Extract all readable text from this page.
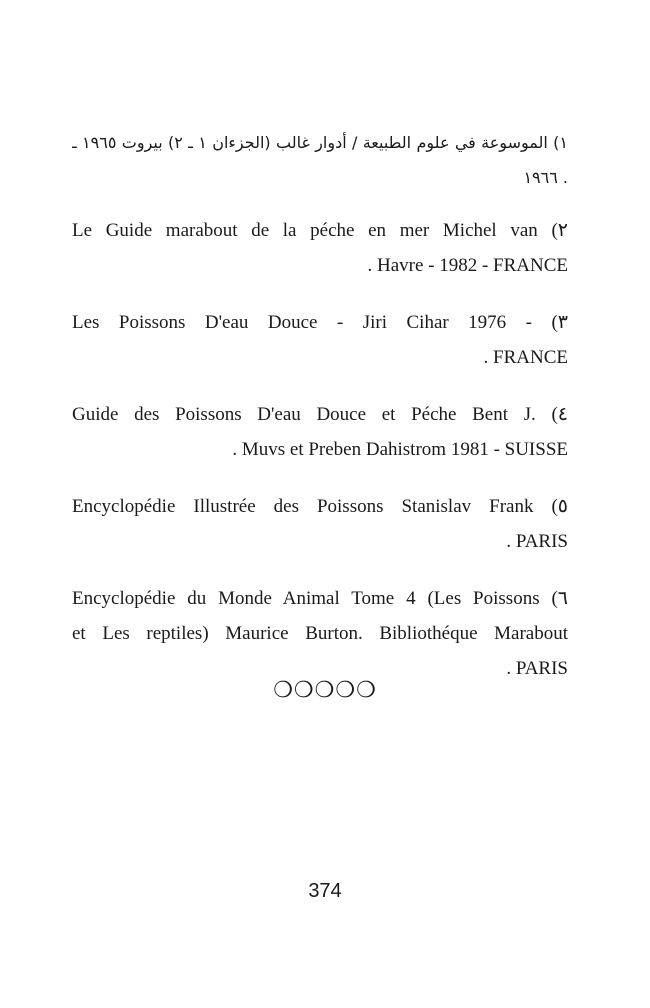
١) الموسوعة في علوم الطبيعة / أدوار غالب (الجزءان ١ ـ ٢) بيروت ١٩٦٥ ـ
. ١٩٦٦
Le Guide marabout de la péche en mer Michel van (٢
. Havre - 1982 - FRANCE
Les Poissons D'eau Douce - Jiri Cihar 1976 - (٣
. FRANCE
Guide des Poissons D'eau Douce et Péche Bent J. (٤
. Muvs et Preben Dahistrom 1981 - SUISSE
Encyclopédie Illustrée des Poissons Stanislav Frank (٥
. PARIS
Encyclopédie du Monde Animal Tome 4 (Les Poissons (٦
et Les reptiles) Maurice Burton. Bibliothéque Marabout
. PARIS
❍❍❍❍❍
374
